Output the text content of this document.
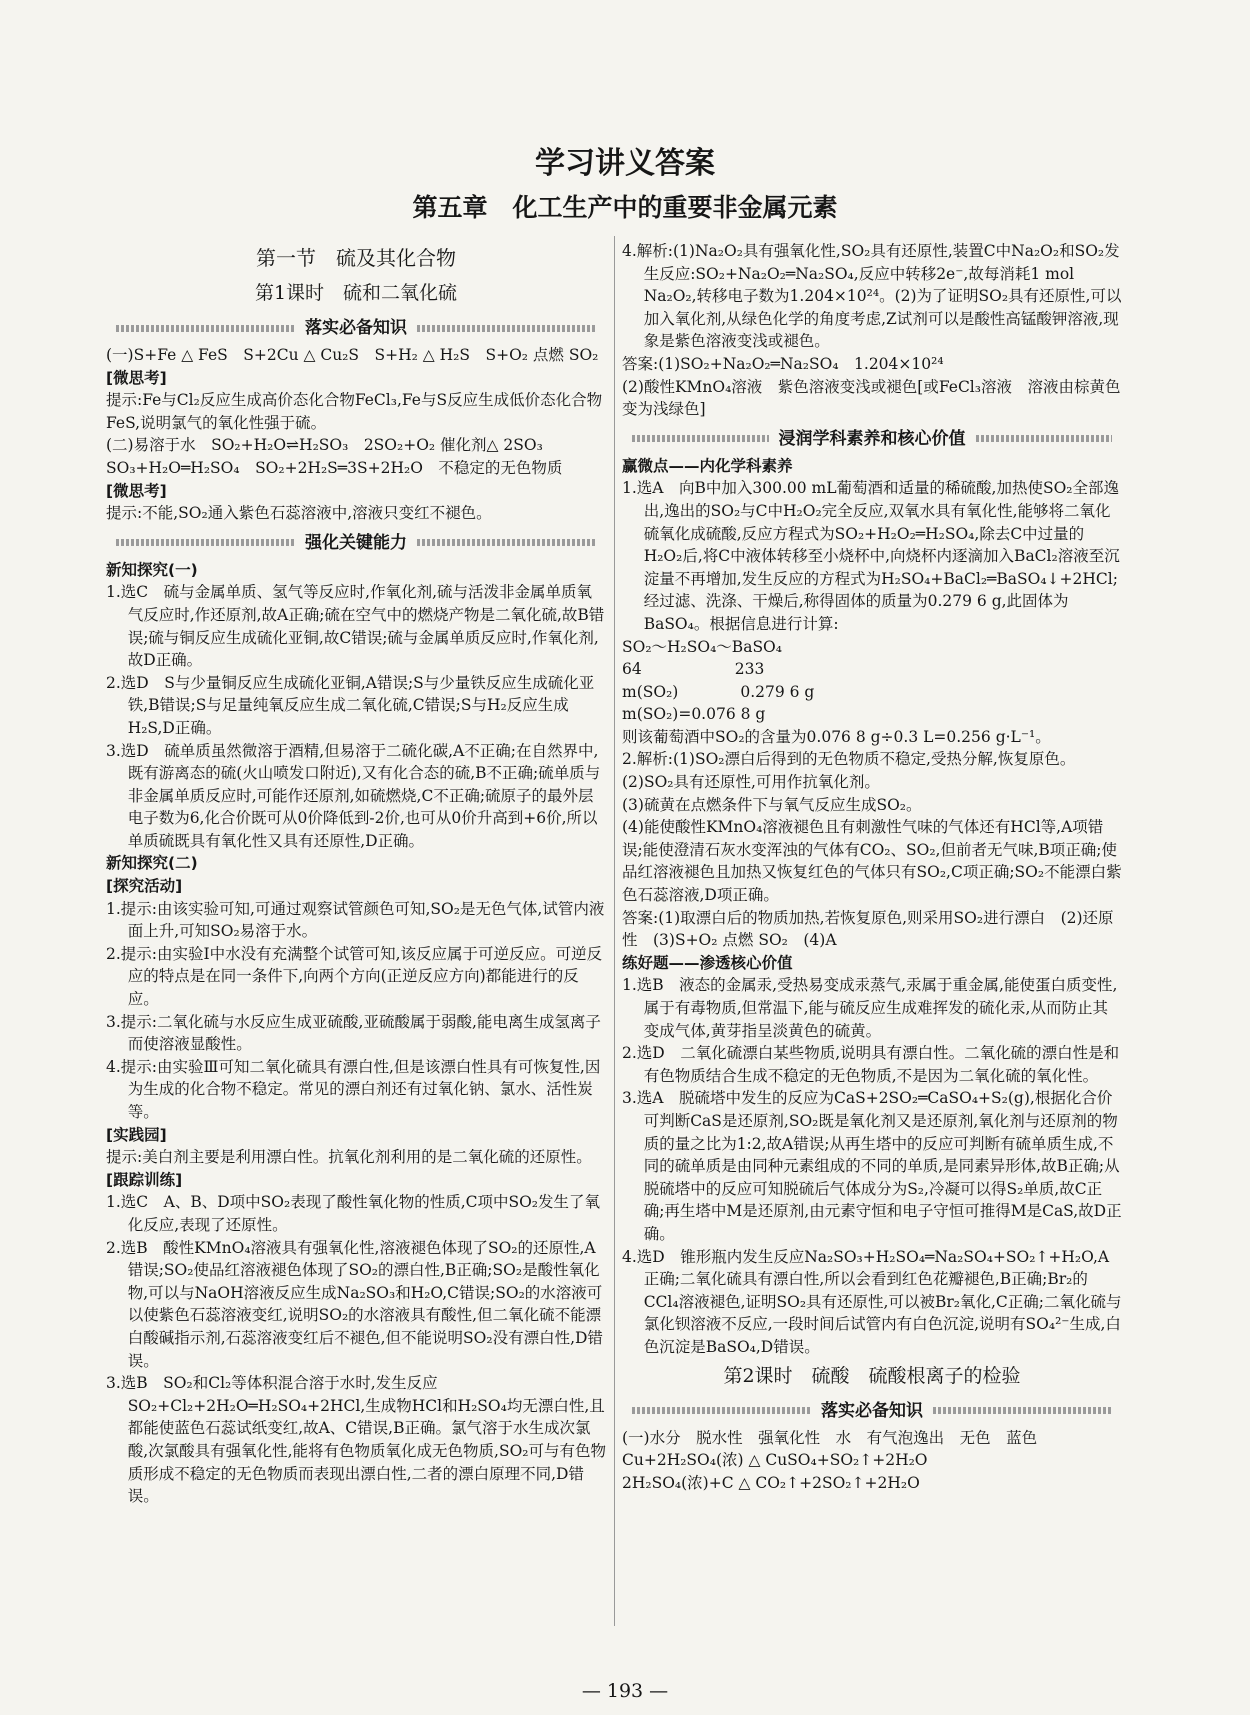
学习讲义答案
第五章　化工生产中的重要非金属元素
第一节　硫及其化合物
第1课时　硫和二氧化硫
落实必备知识

(一)S+Fe △ FeS　S+2Cu △ Cu₂S　S+H₂ △ H₂S　S+O₂ 点燃 SO₂

[微思考]

提示:Fe与Cl₂反应生成高价态化合物FeCl₃,Fe与S反应生成低价态化合物FeS,说明氯气的氧化性强于硫。

(二)易溶于水　SO₂+H₂O⇌H₂SO₃　2SO₂+O₂ 催化剂△ 2SO₃　SO₃+H₂O═H₂SO₄　SO₂+2H₂S═3S+2H₂O　不稳定的无色物质

[微思考]

提示:不能,SO₂通入紫色石蕊溶液中,溶液只变红不褪色。

强化关键能力

新知探究(一)

1.选C　硫与金属单质、氢气等反应时,作氧化剂,硫与活泼非金属单质氧气反应时,作还原剂,故A正确;硫在空气中的燃烧产物是二氧化硫,故B错误;硫与铜反应生成硫化亚铜,故C错误;硫与金属单质反应时,作氧化剂,故D正确。

2.选D　S与少量铜反应生成硫化亚铜,A错误;S与少量铁反应生成硫化亚铁,B错误;S与足量纯氧反应生成二氧化硫,C错误;S与H₂反应生成H₂S,D正确。

3.选D　硫单质虽然微溶于酒精,但易溶于二硫化碳,A不正确;在自然界中,既有游离态的硫(火山喷发口附近),又有化合态的硫,B不正确;硫单质与非金属单质反应时,可能作还原剂,如硫燃烧,C不正确;硫原子的最外层电子数为6,化合价既可从0价降低到-2价,也可从0价升高到+6价,所以单质硫既具有氧化性又具有还原性,D正确。

新知探究(二)

[探究活动]

1.提示:由该实验可知,可通过观察试管颜色可知,SO₂是无色气体,试管内液面上升,可知SO₂易溶于水。

2.提示:由实验Ⅰ中水没有充满整个试管可知,该反应属于可逆反应。可逆反应的特点是在同一条件下,向两个方向(正逆反应方向)都能进行的反应。

3.提示:二氧化硫与水反应生成亚硫酸,亚硫酸属于弱酸,能电离生成氢离子而使溶液显酸性。

4.提示:由实验Ⅲ可知二氧化硫具有漂白性,但是该漂白性具有可恢复性,因为生成的化合物不稳定。常见的漂白剂还有过氧化钠、氯水、活性炭等。

[实践园]

提示:美白剂主要是利用漂白性。抗氧化剂利用的是二氧化硫的还原性。

[跟踪训练]

1.选C　A、B、D项中SO₂表现了酸性氧化物的性质,C项中SO₂发生了氧化反应,表现了还原性。

2.选B　酸性KMnO₄溶液具有强氧化性,溶液褪色体现了SO₂的还原性,A错误;SO₂使品红溶液褪色体现了SO₂的漂白性,B正确;SO₂是酸性氧化物,可以与NaOH溶液反应生成Na₂SO₃和H₂O,C错误;SO₂的水溶液可以使紫色石蕊溶液变红,说明SO₂的水溶液具有酸性,但二氧化硫不能漂白酸碱指示剂,石蕊溶液变红后不褪色,但不能说明SO₂没有漂白性,D错误。

3.选B　SO₂和Cl₂等体积混合溶于水时,发生反应SO₂+Cl₂+2H₂O═H₂SO₄+2HCl,生成物HCl和H₂SO₄均无漂白性,且都能使蓝色石蕊试纸变红,故A、C错误,B正确。氯气溶于水生成次氯酸,次氯酸具有强氧化性,能将有色物质氧化成无色物质,SO₂可与有色物质形成不稳定的无色物质而表现出漂白性,二者的漂白原理不同,D错误。

4.解析:(1)Na₂O₂具有强氧化性,SO₂具有还原性,装置C中Na₂O₂和SO₂发生反应:SO₂+Na₂O₂═Na₂SO₄,反应中转移2e⁻,故每消耗1 mol Na₂O₂,转移电子数为1.204×10²⁴。(2)为了证明SO₂具有还原性,可以加入氧化剂,从绿色化学的角度考虑,Z试剂可以是酸性高锰酸钾溶液,现象是紫色溶液变浅或褪色。

答案:(1)SO₂+Na₂O₂═Na₂SO₄　1.204×10²⁴

(2)酸性KMnO₄溶液　紫色溶液变浅或褪色[或FeCl₃溶液　溶液由棕黄色变为浅绿色]

浸润学科素养和核心价值

赢微点——内化学科素养

1.选A　向B中加入300.00 mL葡萄酒和适量的稀硫酸,加热使SO₂全部逸出,逸出的SO₂与C中H₂O₂完全反应,双氧水具有氧化性,能够将二氧化硫氧化成硫酸,反应方程式为SO₂+H₂O₂═H₂SO₄,除去C中过量的H₂O₂后,将C中液体转移至小烧杯中,向烧杯内逐滴加入BaCl₂溶液至沉淀量不再增加,发生反应的方程式为H₂SO₄+BaCl₂═BaSO₄↓+2HCl;经过滤、洗涤、干燥后,称得固体的质量为0.279 6 g,此固体为BaSO₄。根据信息进行计算:

SO₂～H₂SO₄～BaSO₄

64　　　　　　233

m(SO₂)　　　　0.279 6 g

m(SO₂)=0.076 8 g

则该葡萄酒中SO₂的含量为0.076 8 g÷0.3 L=0.256 g·L⁻¹。

2.解析:(1)SO₂漂白后得到的无色物质不稳定,受热分解,恢复原色。

(2)SO₂具有还原性,可用作抗氧化剂。

(3)硫黄在点燃条件下与氧气反应生成SO₂。

(4)能使酸性KMnO₄溶液褪色且有刺激性气味的气体还有HCl等,A项错误;能使澄清石灰水变浑浊的气体有CO₂、SO₂,但前者无气味,B项正确;使品红溶液褪色且加热又恢复红色的气体只有SO₂,C项正确;SO₂不能漂白紫色石蕊溶液,D项正确。

答案:(1)取漂白后的物质加热,若恢复原色,则采用SO₂进行漂白　(2)还原性　(3)S+O₂ 点燃 SO₂　(4)A

练好题——渗透核心价值

1.选B　液态的金属汞,受热易变成汞蒸气,汞属于重金属,能使蛋白质变性,属于有毒物质,但常温下,能与硫反应生成难挥发的硫化汞,从而防止其变成气体,黄芽指呈淡黄色的硫黄。

2.选D　二氧化硫漂白某些物质,说明具有漂白性。二氧化硫的漂白性是和有色物质结合生成不稳定的无色物质,不是因为二氧化硫的氧化性。

3.选A　脱硫塔中发生的反应为CaS+2SO₂═CaSO₄+S₂(g),根据化合价可判断CaS是还原剂,SO₂既是氧化剂又是还原剂,氧化剂与还原剂的物质的量之比为1:2,故A错误;从再生塔中的反应可判断有硫单质生成,不同的硫单质是由同种元素组成的不同的单质,是同素异形体,故B正确;从脱硫塔中的反应可知脱硫后气体成分为S₂,冷凝可以得S₂单质,故C正确;再生塔中M是还原剂,由元素守恒和电子守恒可推得M是CaS,故D正确。

4.选D　锥形瓶内发生反应Na₂SO₃+H₂SO₄═Na₂SO₄+SO₂↑+H₂O,A正确;二氧化硫具有漂白性,所以会看到红色花瓣褪色,B正确;Br₂的CCl₄溶液褪色,证明SO₂具有还原性,可以被Br₂氧化,C正确;二氧化硫与氯化钡溶液不反应,一段时间后试管内有白色沉淀,说明有SO₄²⁻生成,白色沉淀是BaSO₄,D错误。

第2课时　硫酸　硫酸根离子的检验
落实必备知识

(一)水分　脱水性　强氧化性　水　有气泡逸出　无色　蓝色　Cu+2H₂SO₄(浓) △ CuSO₄+SO₂↑+2H₂O

2H₂SO₄(浓)+C △ CO₂↑+2SO₂↑+2H₂O

— 193 —
